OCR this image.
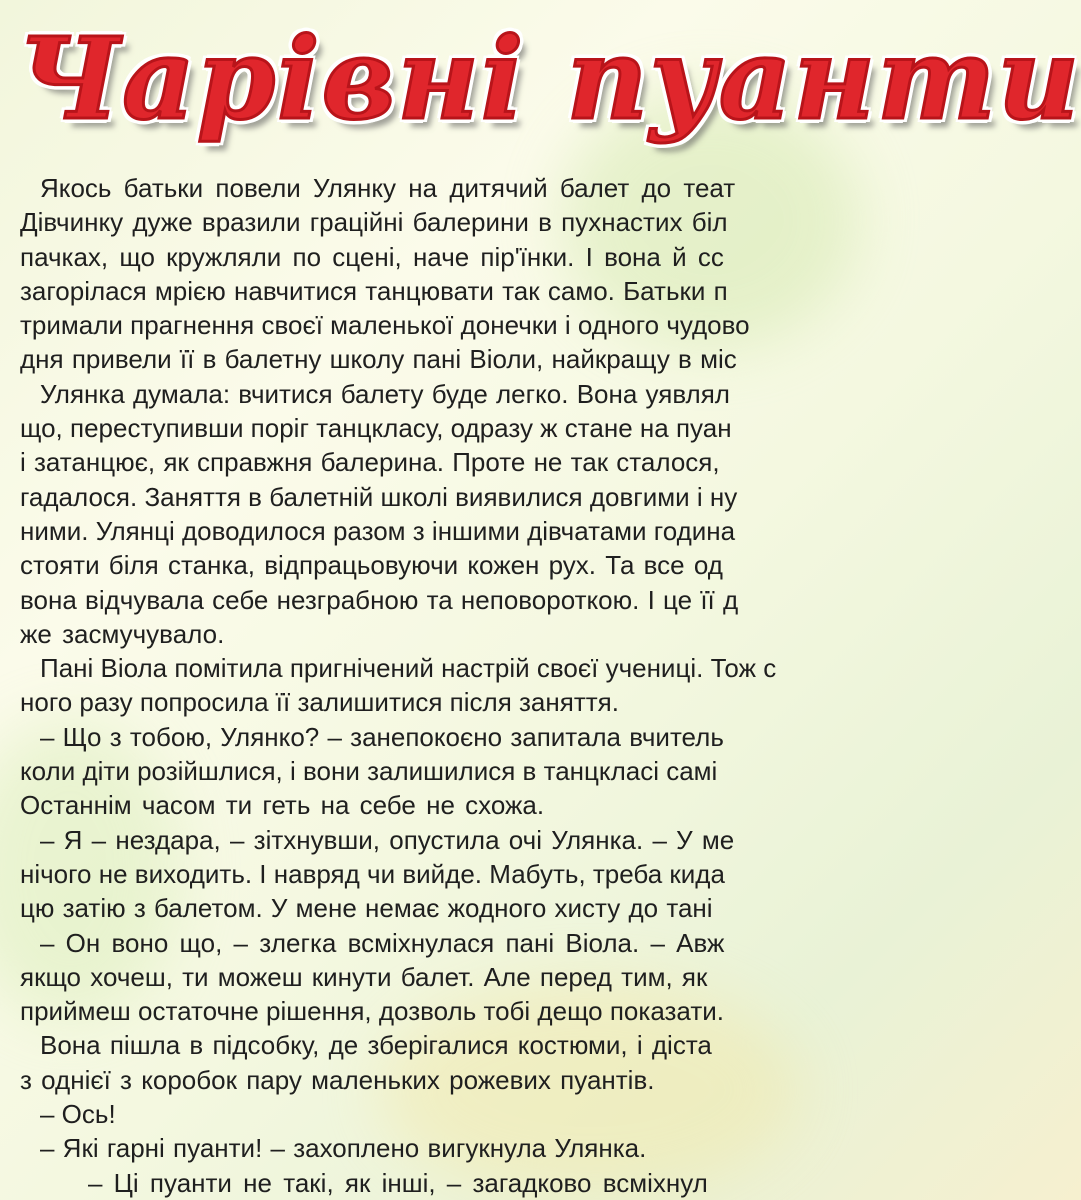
Чарівні пуанти
Якось батьки повели Улянку на дитячий балет до теат
Дівчинку дуже вразили граційні балерини в пухнастих біл
пачках, що кружляли по сцені, наче пір'їнки. І вона й сс
загорілася мрією навчитися танцювати так само. Батьки п
тримали прагнення своєї маленької донечки і одного чудово
дня привели її в балетну школу пані Віоли, найкращу в міс
Улянка думала: вчитися балету буде легко. Вона уявлял
що, переступивши поріг танцкласу, одразу ж стане на пуан
і затанцює, як справжня балерина. Проте не так сталося,
гадалося. Заняття в балетній школі виявилися довгими і ну
ними. Улянці доводилося разом з іншими дівчатами година
стояти біля станка, відпрацьовуючи кожен рух. Та все од
вона відчувала себе незграбною та неповороткою. І це її д
же засмучувало.
Пані Віола помітила пригнічений настрій своєї учениці. Тож с
ного разу попросила її залишитися після заняття.
– Що з тобою, Улянко? – занепокоєно запитала вчитель
коли діти розійшлися, і вони залишилися в танцкласі самі
Останнім часом ти геть на себе не схожа.
– Я – нездара, – зітхнувши, опустила очі Улянка. – У ме
нічого не виходить. І навряд чи вийде. Мабуть, треба кида
цю затію з балетом. У мене немає жодного хисту до тані
– Он воно що, – злегка всміхнулася пані Віола. – Авж
якщо хочеш, ти можеш кинути балет. Але перед тим, як
приймеш остаточне рішення, дозволь тобі дещо показати.
Вона пішла в підсобку, де зберігалися костюми, і діста
з однієї з коробок пару маленьких рожевих пуантів.
– Ось!
– Які гарні пуанти! – захоплено вигукнула Улянка.
– Ці пуанти не такі, як інші, – загадково всміхнул
